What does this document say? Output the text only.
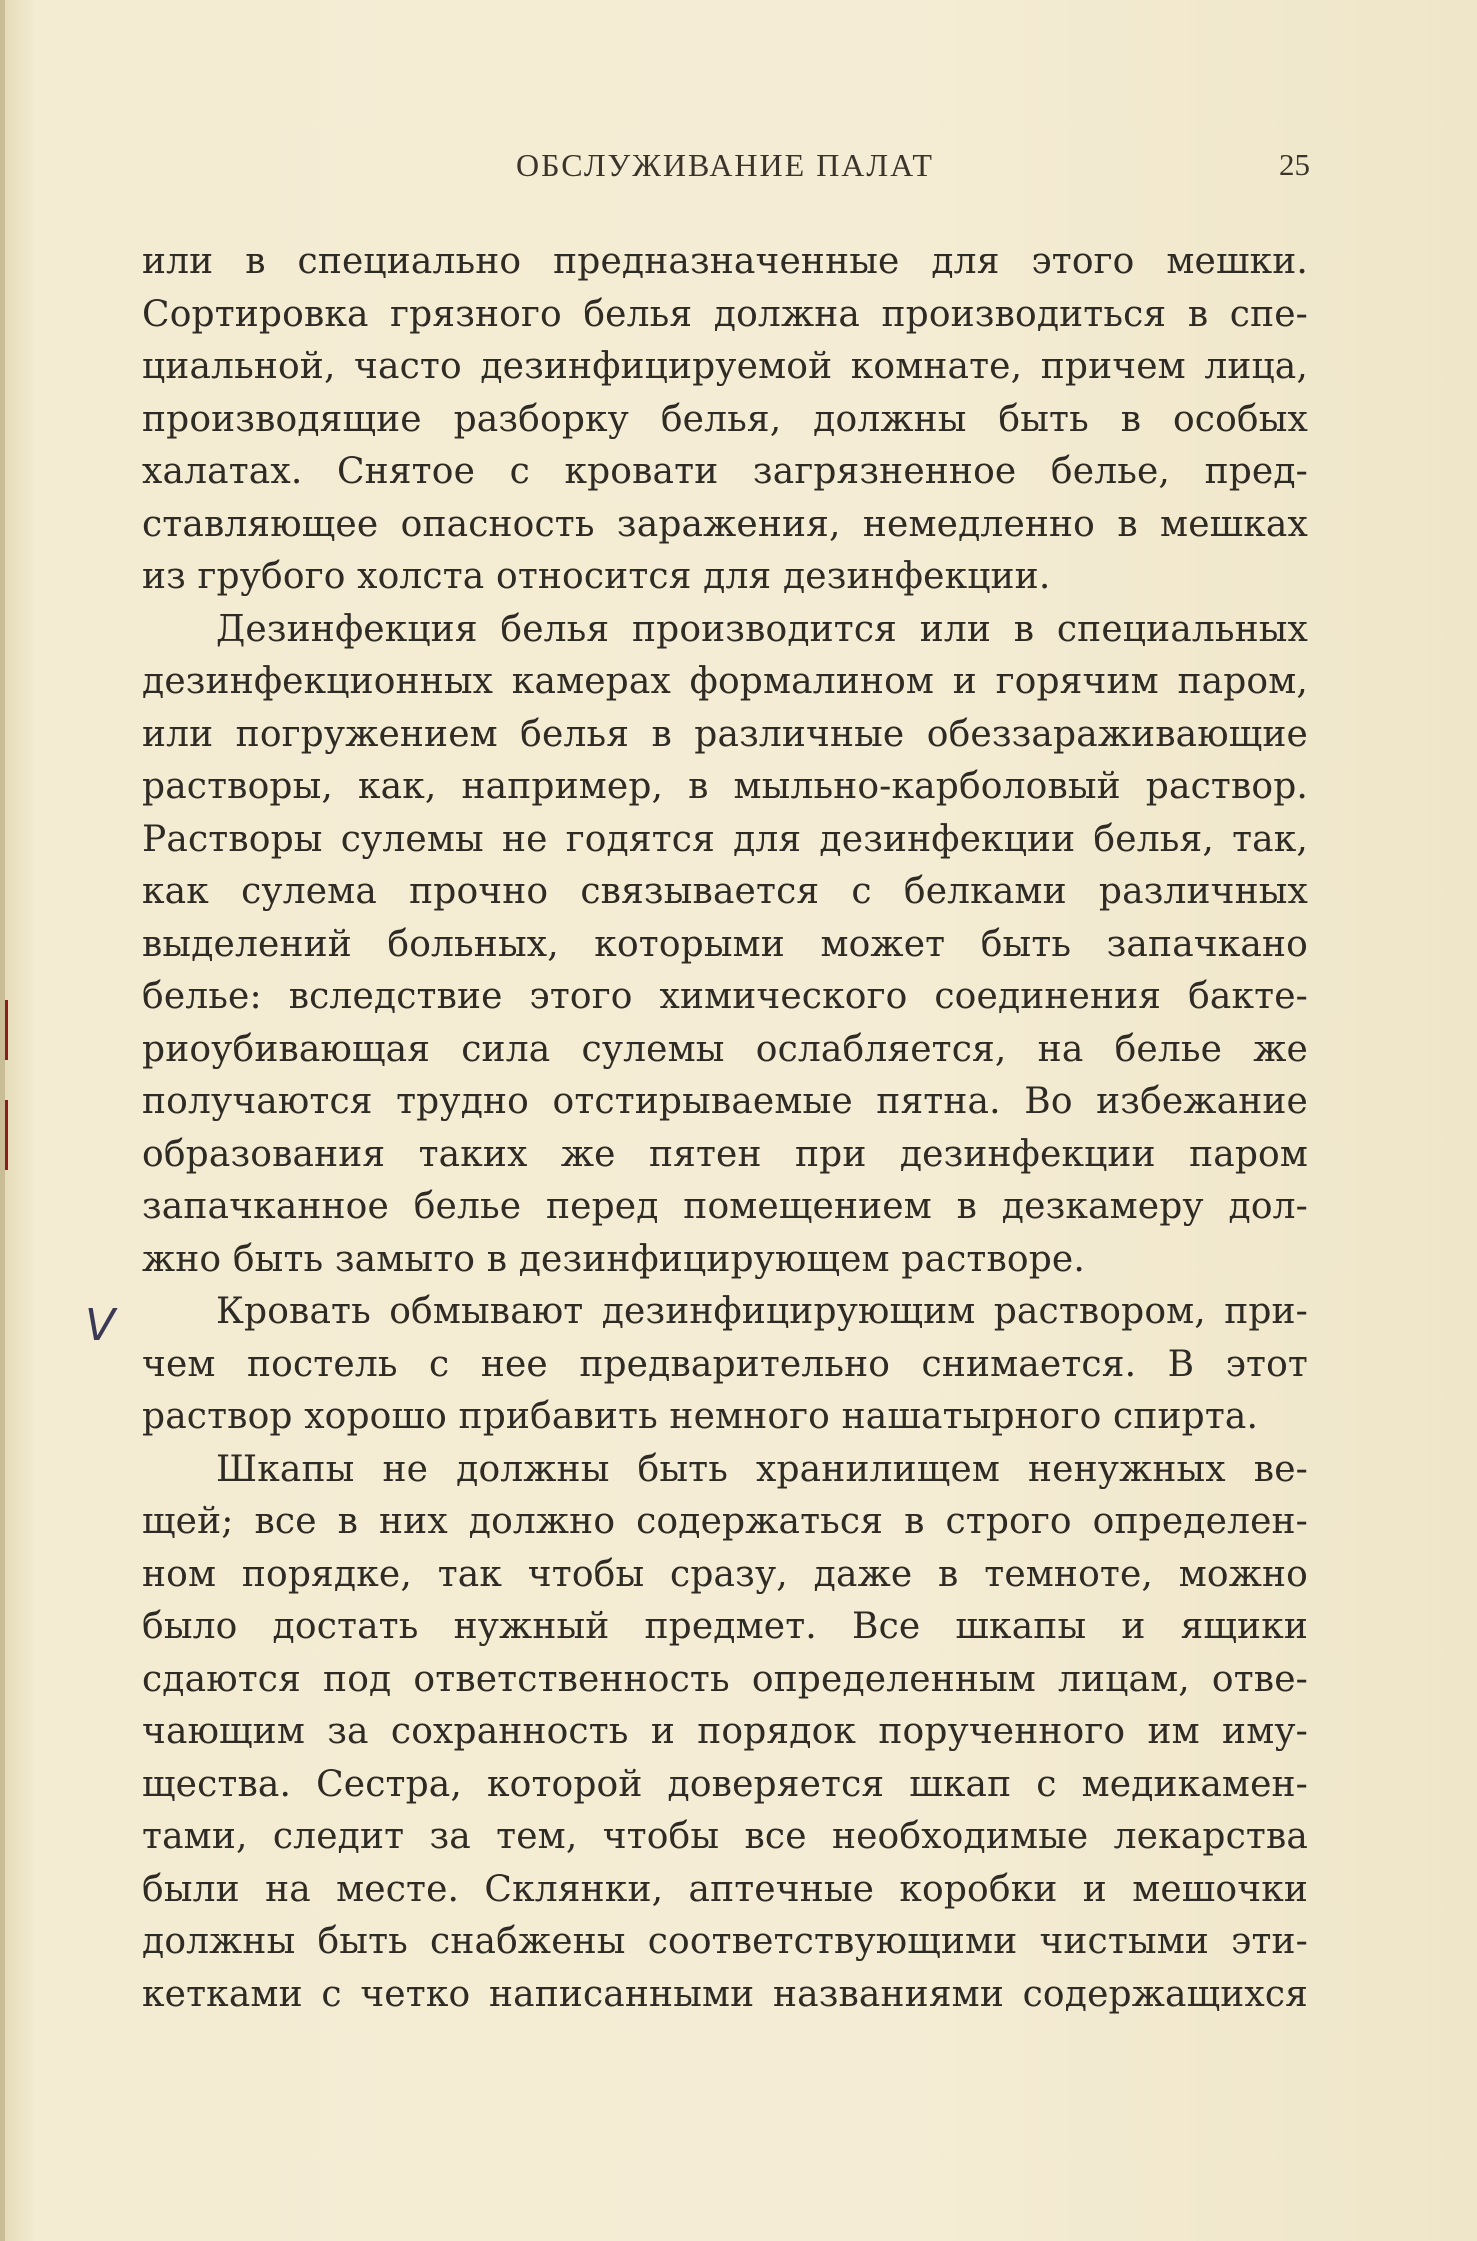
ОБСЛУЖИВАНИЕ ПАЛАТ	25
V
или в специально предназначенные для этого мешки.
Сортировка грязного белья должна производиться в спе-
циальной, часто дезинфицируемой комнате, причем лица,
производящие разборку белья, должны быть в особых
халатах. Снятое с кровати загрязненное белье, пред-
ставляющее опасность заражения, немедленно в мешках
из грубого холста относится для дезинфекции.
Дезинфекция белья производится или в специальных
дезинфекционных камерах формалином и горячим паром,
или погружением белья в различные обеззараживающие
растворы, как, например, в мыльно-карболовый раствор.
Растворы сулемы не годятся для дезинфекции белья, так,
как сулема прочно связывается с белками различных
выделений больных, которыми может быть запачкано
белье: вследствие этого химического соединения бакте-
риоубивающая сила сулемы ослабляется, на белье же
получаются трудно отстирываемые пятна. Во избежание
образования таких же пятен при дезинфекции паром
запачканное белье перед помещением в дезкамеру дол-
жно быть замыто в дезинфицирующем растворе.
Кровать обмывают дезинфицирующим раствором, при-
чем постель с нее предварительно снимается. В этот
раствор хорошо прибавить немного нашатырного спирта.
Шкапы не должны быть хранилищем ненужных ве-
щей; все в них должно содержаться в строго определен-
ном порядке, так чтобы сразу, даже в темноте, можно
было достать нужный предмет. Все шкапы и ящики
сдаются под ответственность определенным лицам, отве-
чающим за сохранность и порядок порученного им иму-
щества. Сестра, которой доверяется шкап с медикамен-
тами, следит за тем, чтобы все необходимые лекарства
были на месте. Склянки, аптечные коробки и мешочки
должны быть снабжены соответствующими чистыми эти-
кетками с четко написанными названиями содержащихся
